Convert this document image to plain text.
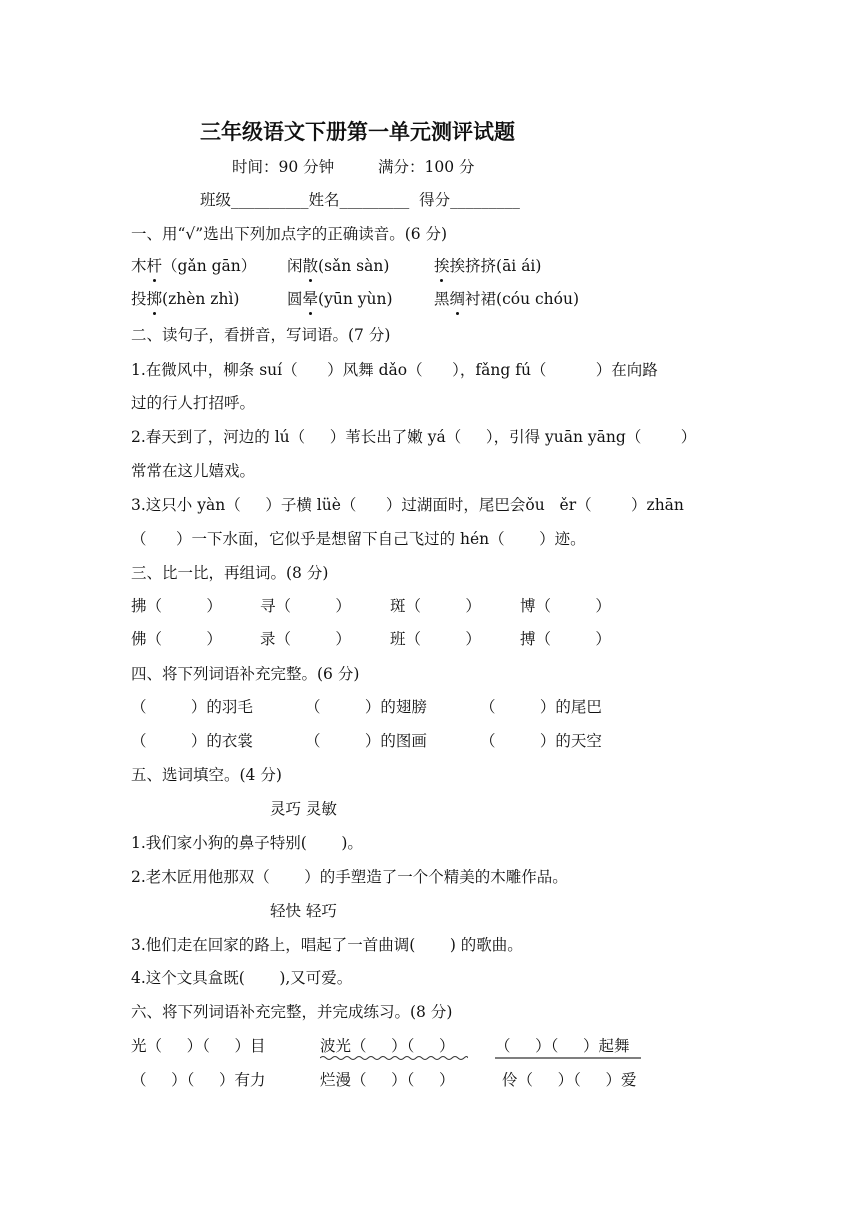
三年级语文下册第一单元测评试题
时间：90 分钟	满分：100 分
班级__________姓名_________  得分_________
一、用“√”选出下列加点字的正确读音。(6 分)
木杆（gǎn gān） 闲散(sǎn sàn)	挨挨挤挤(āi ái)
投掷(zhèn zhì)	圆晕(yūn yùn)	黑绸衬裙(cóu chóu)
二、读句子，看拼音，写词语。(7 分)
1.在微风中，柳条 suí（      ）风舞 dǎo（      ），fǎng fú（          ）在向路
过的行人打招呼。
2.春天到了，河边的 lú（     ）苇长出了嫩 yá（     ），引得 yuān yāng（        ）
常常在这儿嬉戏。
3.这只小 yàn（     ）子横 lüè（      ）过湖面时，尾巴会ǒu   ěr（        ）zhān
（      ）一下水面，它似乎是想留下自己飞过的 hén（       ）迹。
三、比一比，再组词。(8 分)
拂（         ） 寻（         ）	斑（         ）	博（         ）
佛（         ） 录（         ）	班（         ）	搏（         ）
四、将下列词语补充完整。(6 分)
（         ）的羽毛	（         ）的翅膀	（         ）的尾巴
（         ）的衣裳	（         ）的图画	（         ）的天空
五、选词填空。(4 分)
灵巧 灵敏
1.我们家小狗的鼻子特别(       )。
2.老木匠用他那双（       ）的手塑造了一个个精美的木雕作品。
轻快 轻巧
3.他们走在回家的路上，唱起了一首曲调(       ) 的歌曲。
4.这个文具盒既(       ),又可爱。
六、将下列词语补充完整，并完成练习。(8 分)
光（     ）（     ）目	波光（     ）（     ）	（     ）（     ）起舞
（     ）（     ）有力	烂漫（     ）（     ）	伶（     ）（     ）爱
